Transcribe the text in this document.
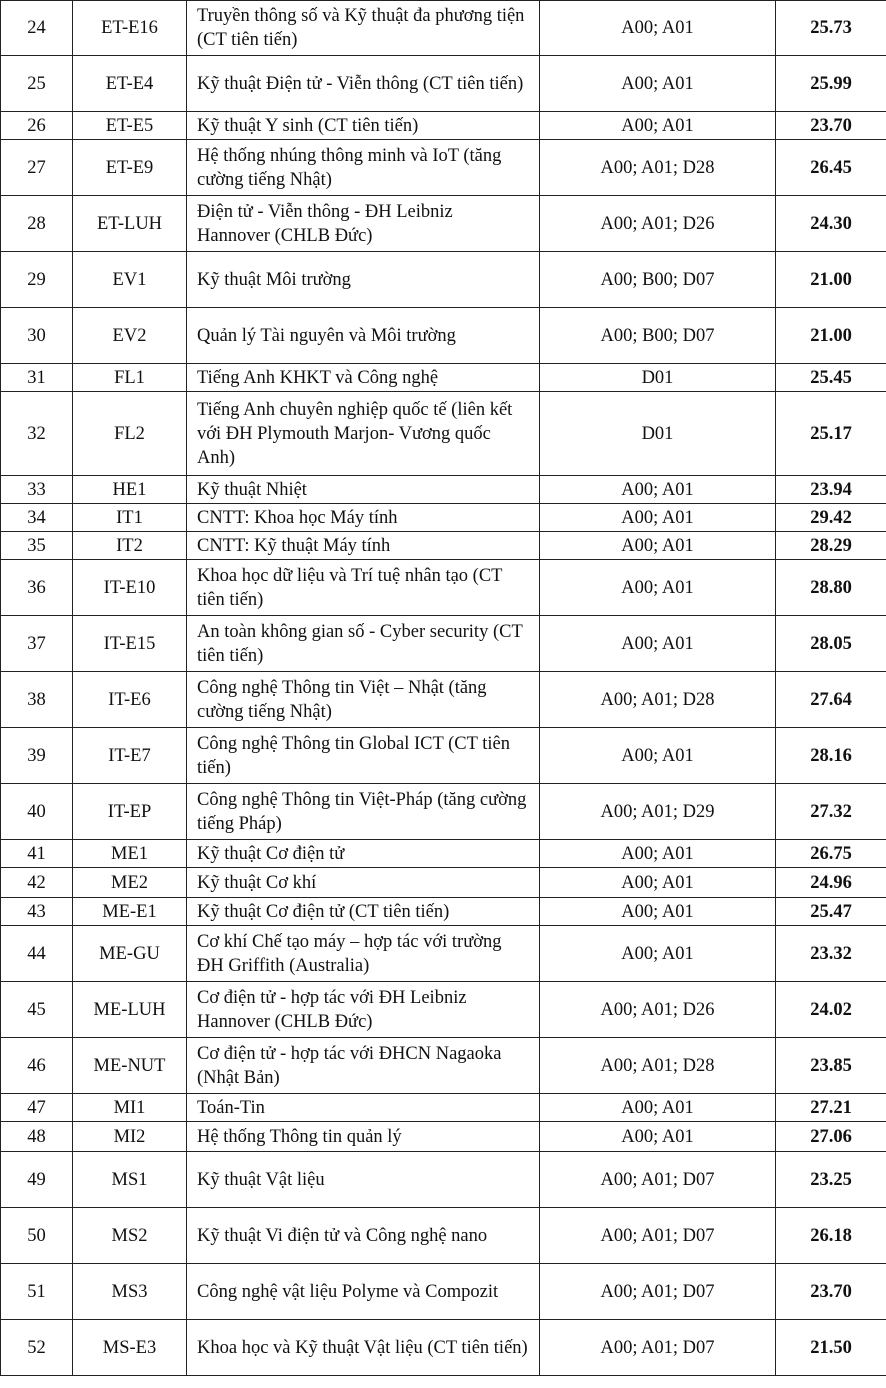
24	ET-E16	Truyền thông số và Kỹ thuật đa phương tiện (CT tiên tiến)	A00; A01	25.73
25	ET-E4	Kỹ thuật Điện tử - Viễn thông (CT tiên tiến)	A00; A01	25.99
26	ET-E5	Kỹ thuật Y sinh (CT tiên tiến)	A00; A01	23.70
27	ET-E9	Hệ thống nhúng thông minh và IoT (tăng cường tiếng Nhật)	A00; A01; D28	26.45
28	ET-LUH	Điện tử - Viễn thông - ĐH Leibniz Hannover (CHLB Đức)	A00; A01; D26	24.30
29	EV1	Kỹ thuật Môi trường	A00; B00; D07	21.00
30	EV2	Quản lý Tài nguyên và Môi trường	A00; B00; D07	21.00
31	FL1	Tiếng Anh KHKT và Công nghệ	D01	25.45
32	FL2	Tiếng Anh chuyên nghiệp quốc tế (liên kết với ĐH Plymouth Marjon- Vương quốc Anh)	D01	25.17
33	HE1	Kỹ thuật Nhiệt	A00; A01	23.94
34	IT1	CNTT: Khoa học Máy tính	A00; A01	29.42
35	IT2	CNTT: Kỹ thuật Máy tính	A00; A01	28.29
36	IT-E10	Khoa học dữ liệu và Trí tuệ nhân tạo (CT tiên tiến)	A00; A01	28.80
37	IT-E15	An toàn không gian số - Cyber security (CT tiên tiến)	A00; A01	28.05
38	IT-E6	Công nghệ Thông tin Việt – Nhật (tăng cường tiếng Nhật)	A00; A01; D28	27.64
39	IT-E7	Công nghệ Thông tin Global ICT (CT tiên tiến)	A00; A01	28.16
40	IT-EP	Công nghệ Thông tin Việt-Pháp (tăng cường tiếng Pháp)	A00; A01; D29	27.32
41	ME1	Kỹ thuật Cơ điện tử	A00; A01	26.75
42	ME2	Kỹ thuật Cơ khí	A00; A01	24.96
43	ME-E1	Kỹ thuật Cơ điện tử (CT tiên tiến)	A00; A01	25.47
44	ME-GU	Cơ khí Chế tạo máy – hợp tác với trường ĐH Griffith (Australia)	A00; A01	23.32
45	ME-LUH	Cơ điện tử - hợp tác với ĐH Leibniz Hannover (CHLB Đức)	A00; A01; D26	24.02
46	ME-NUT	Cơ điện tử - hợp tác với ĐHCN Nagaoka (Nhật Bản)	A00; A01; D28	23.85
47	MI1	Toán-Tin	A00; A01	27.21
48	MI2	Hệ thống Thông tin quản lý	A00; A01	27.06
49	MS1	Kỹ thuật Vật liệu	A00; A01; D07	23.25
50	MS2	Kỹ thuật Vi điện tử và Công nghệ nano	A00; A01; D07	26.18
51	MS3	Công nghệ vật liệu Polyme và Compozit	A00; A01; D07	23.70
52	MS-E3	Khoa học và Kỹ thuật Vật liệu (CT tiên tiến)	A00; A01; D07	21.50
